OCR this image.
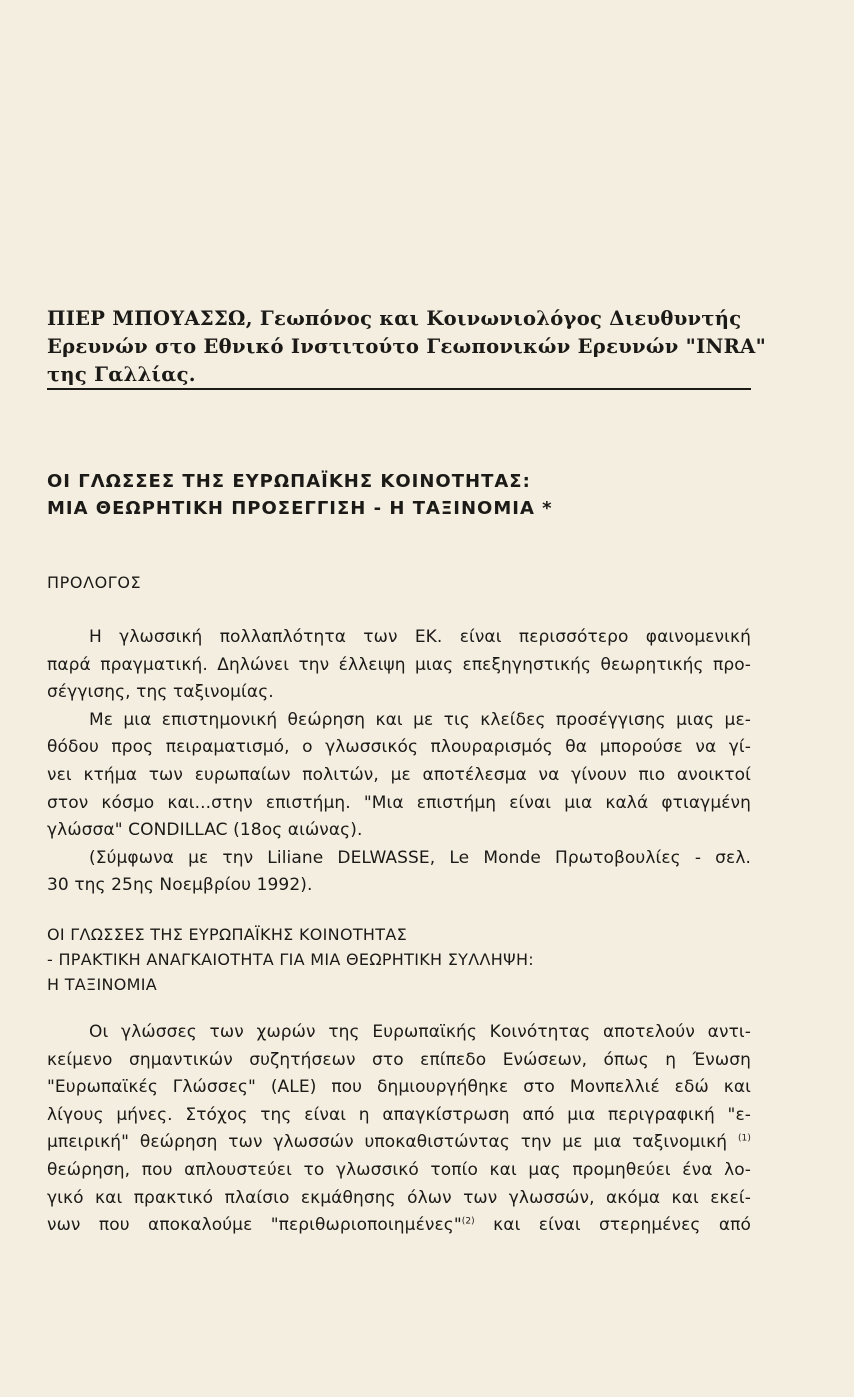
ΠΙΕΡ ΜΠΟΥΑΣΣΩ, Γεωπόνος και Κοινωνιολόγος Διευθυντής
Ερευνών στο Εθνικό Ινστιτούτο Γεωπονικών Ερευνών "INRA"
της Γαλλίας.
ΟΙ ΓΛΩΣΣΕΣ ΤΗΣ ΕΥΡΩΠΑΪΚΗΣ ΚΟΙΝΟΤΗΤΑΣ:
ΜΙΑ ΘΕΩΡΗΤΙΚΗ ΠΡΟΣΕΓΓΙΣΗ - Η ΤΑΞΙΝΟΜΙΑ *
ΠΡΟΛΟΓΟΣ
Η γλωσσική πολλαπλότητα των ΕΚ. είναι περισσότερο φαινομενική
παρά πραγματική. Δηλώνει την έλλειψη μιας επεξηγηστικής θεωρητικής προ-
σέγγισης, της ταξινομίας.
Με μια επιστημονική θεώρηση και με τις κλείδες προσέγγισης μιας με-
θόδου προς πειραματισμό, ο γλωσσικός πλουραρισμός θα μπορούσε να γί-
νει κτήμα των ευρωπαίων πολιτών, με αποτέλεσμα να γίνουν πιο ανοικτοί
στον κόσμο και...στην επιστήμη. "Μια επιστήμη είναι μια καλά φτιαγμένη
γλώσσα" CONDILLAC (18ος αιώνας).
(Σύμφωνα με την Liliane DELWASSE, Le Monde Πρωτοβουλίες - σελ.
30 της 25ης Νοεμβρίου 1992).
ΟΙ ΓΛΩΣΣΕΣ ΤΗΣ ΕΥΡΩΠΑΪΚΗΣ ΚΟΙΝΟΤΗΤΑΣ
- ΠΡΑΚΤΙΚΗ ΑΝΑΓΚΑΙΟΤΗΤΑ ΓΙΑ ΜΙΑ ΘΕΩΡΗΤΙΚΗ ΣΥΛΛΗΨΗ:
Η ΤΑΞΙΝΟΜΙΑ
Οι γλώσσες των χωρών της Ευρωπαϊκής Κοινότητας αποτελούν αντι-
κείμενο σημαντικών συζητήσεων στο επίπεδο Ενώσεων, όπως η Ένωση
"Ευρωπαϊκές Γλώσσες" (ALE) που δημιουργήθηκε στο Μονπελλιέ εδώ και
λίγους μήνες. Στόχος της είναι η απαγκίστρωση από μια περιγραφική "ε-
μπειρική" θεώρηση των γλωσσών υποκαθιστώντας την με μια ταξινομική $^{(1)}$
θεώρηση, που απλουστεύει το γλωσσικό τοπίο και μας προμηθεύει ένα λο-
γικό και πρακτικό πλαίσιο εκμάθησης όλων των γλωσσών, ακόμα και εκεί-
νων που αποκαλούμε "περιθωριοποιημένες"$^{(2)}$ και είναι στερημένες από
